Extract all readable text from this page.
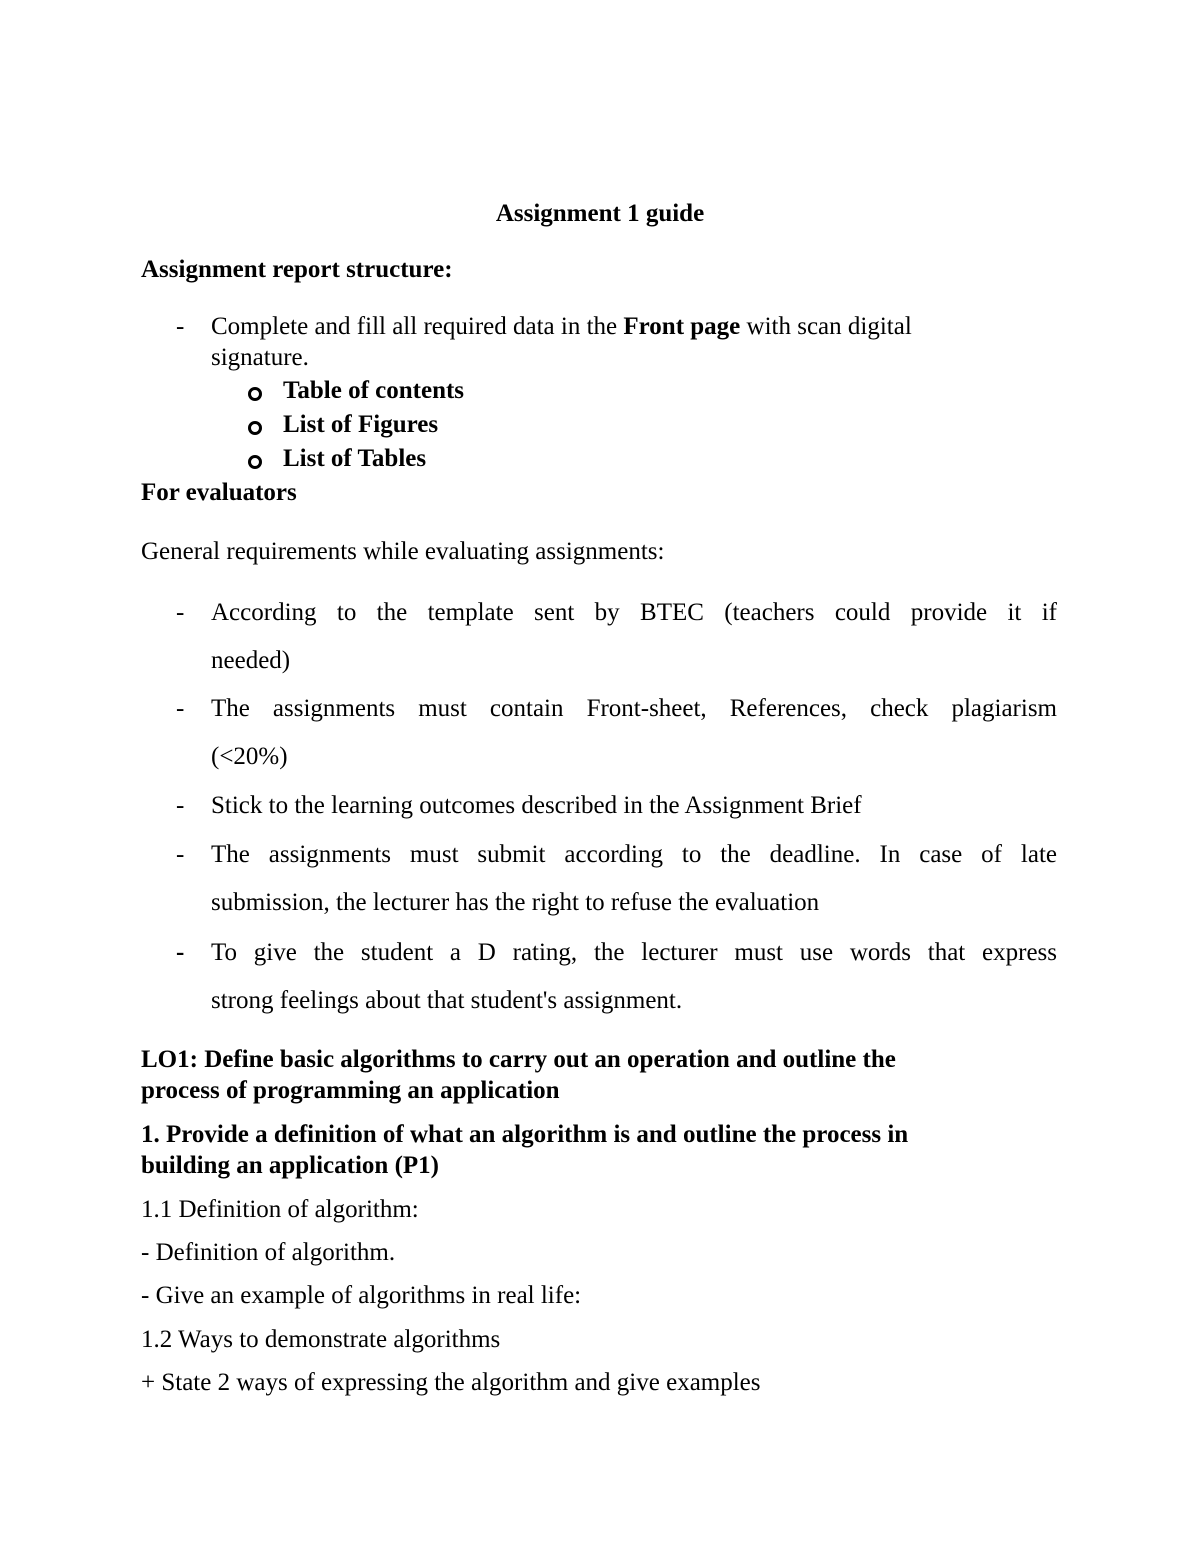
Assignment 1 guide
Assignment report structure:
- Complete and fill all required data in the Front page with scan digital
signature.
Table of contents
List of Figures
List of Tables
For evaluators
General requirements while evaluating assignments:
- According to the template sent by BTEC (teachers could provide it if
needed)
- The assignments must contain Front-sheet, References, check plagiarism
(<20%)
- Stick to the learning outcomes described in the Assignment Brief
- The assignments must submit according to the deadline. In case of late
submission, the lecturer has the right to refuse the evaluation
- To give the student a D rating, the lecturer must use words that express
strong feelings about that student's assignment.
LO1: Define basic algorithms to carry out an operation and outline the
process of programming an application
1. Provide a definition of what an algorithm is and outline the process in
building an application (P1)
1.1 Definition of algorithm:
- Definition of algorithm.
- Give an example of algorithms in real life:
1.2 Ways to demonstrate algorithms
+ State 2 ways of expressing the algorithm and give examples
